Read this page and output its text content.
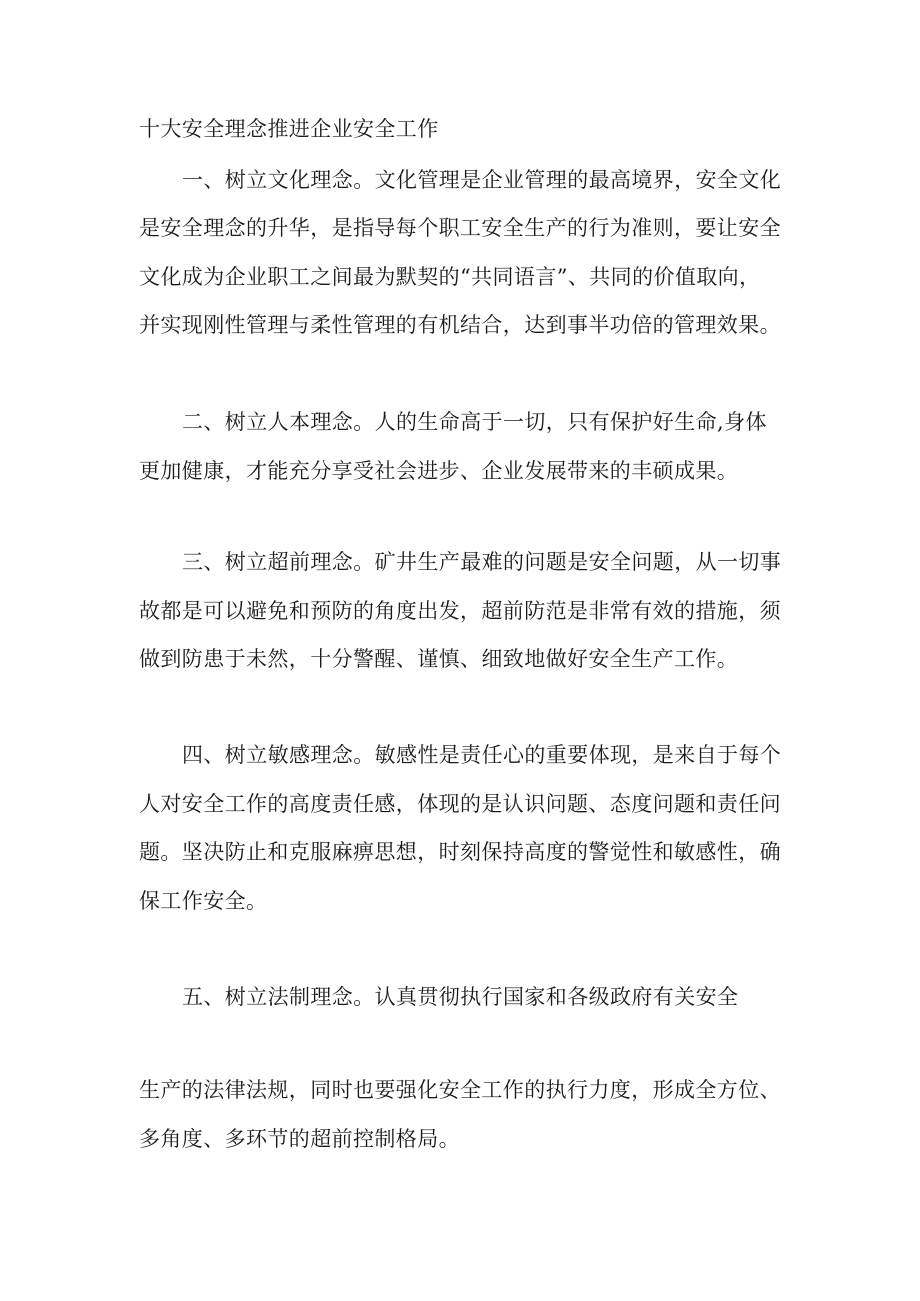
十大安全理念推进企业安全工作
一、树立文化理念。文化管理是企业管理的最高境界，安全文化
是安全理念的升华，是指导每个职工安全生产的行为准则，要让安全
文化成为企业职工之间最为默契的“共同语言”、共同的价值取向，
并实现刚性管理与柔性管理的有机结合，达到事半功倍的管理效果。
二、树立人本理念。人的生命高于一切，只有保护好生命,身体
更加健康，才能充分享受社会进步、企业发展带来的丰硕成果。
三、树立超前理念。矿井生产最难的问题是安全问题，从一切事
故都是可以避免和预防的角度出发，超前防范是非常有效的措施，须
做到防患于未然，十分警醒、谨慎、细致地做好安全生产工作。
四、树立敏感理念。敏感性是责任心的重要体现，是来自于每个
人对安全工作的高度责任感，体现的是认识问题、态度问题和责任问
题。坚决防止和克服麻痹思想，时刻保持高度的警觉性和敏感性，确
保工作安全。
五、树立法制理念。认真贯彻执行国家和各级政府有关安全
生产的法律法规，同时也要强化安全工作的执行力度，形成全方位、
多角度、多环节的超前控制格局。
